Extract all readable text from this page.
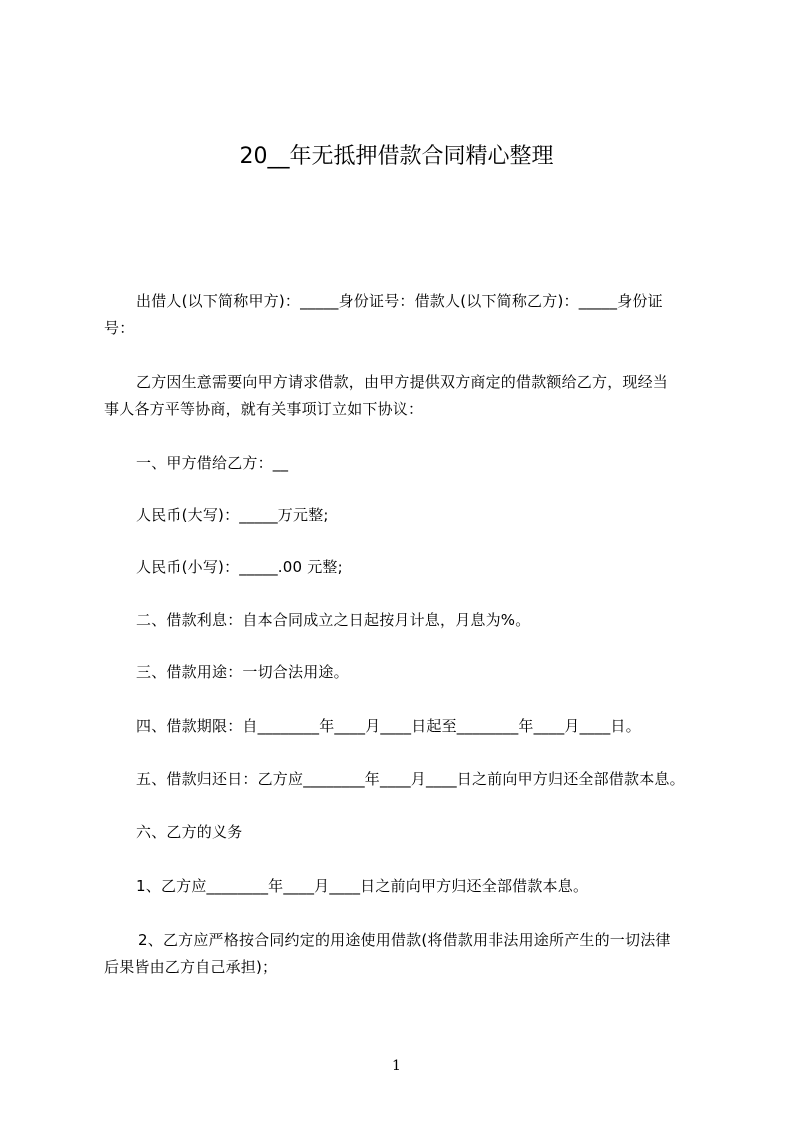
20__年无抵押借款合同精心整理
出借人(以下简称甲方)：_____身份证号：借款人(以下简称乙方)：_____身份证
号：
乙方因生意需要向甲方请求借款，由甲方提供双方商定的借款额给乙方，现经当
事人各方平等协商，就有关事项订立如下协议：
一、甲方借给乙方：__
人民币(大写)：_____万元整;
人民币(小写)：_____.00 元整;
二、借款利息：自本合同成立之日起按月计息，月息为%。
三、借款用途：一切合法用途。
四、借款期限：自________年____月____日起至________年____月____日。
五、借款归还日：乙方应________年____月____日之前向甲方归还全部借款本息。
六、乙方的义务
1、乙方应________年____月____日之前向甲方归还全部借款本息。
2、乙方应严格按合同约定的用途使用借款(将借款用非法用途所产生的一切法律
后果皆由乙方自己承担)；
1
